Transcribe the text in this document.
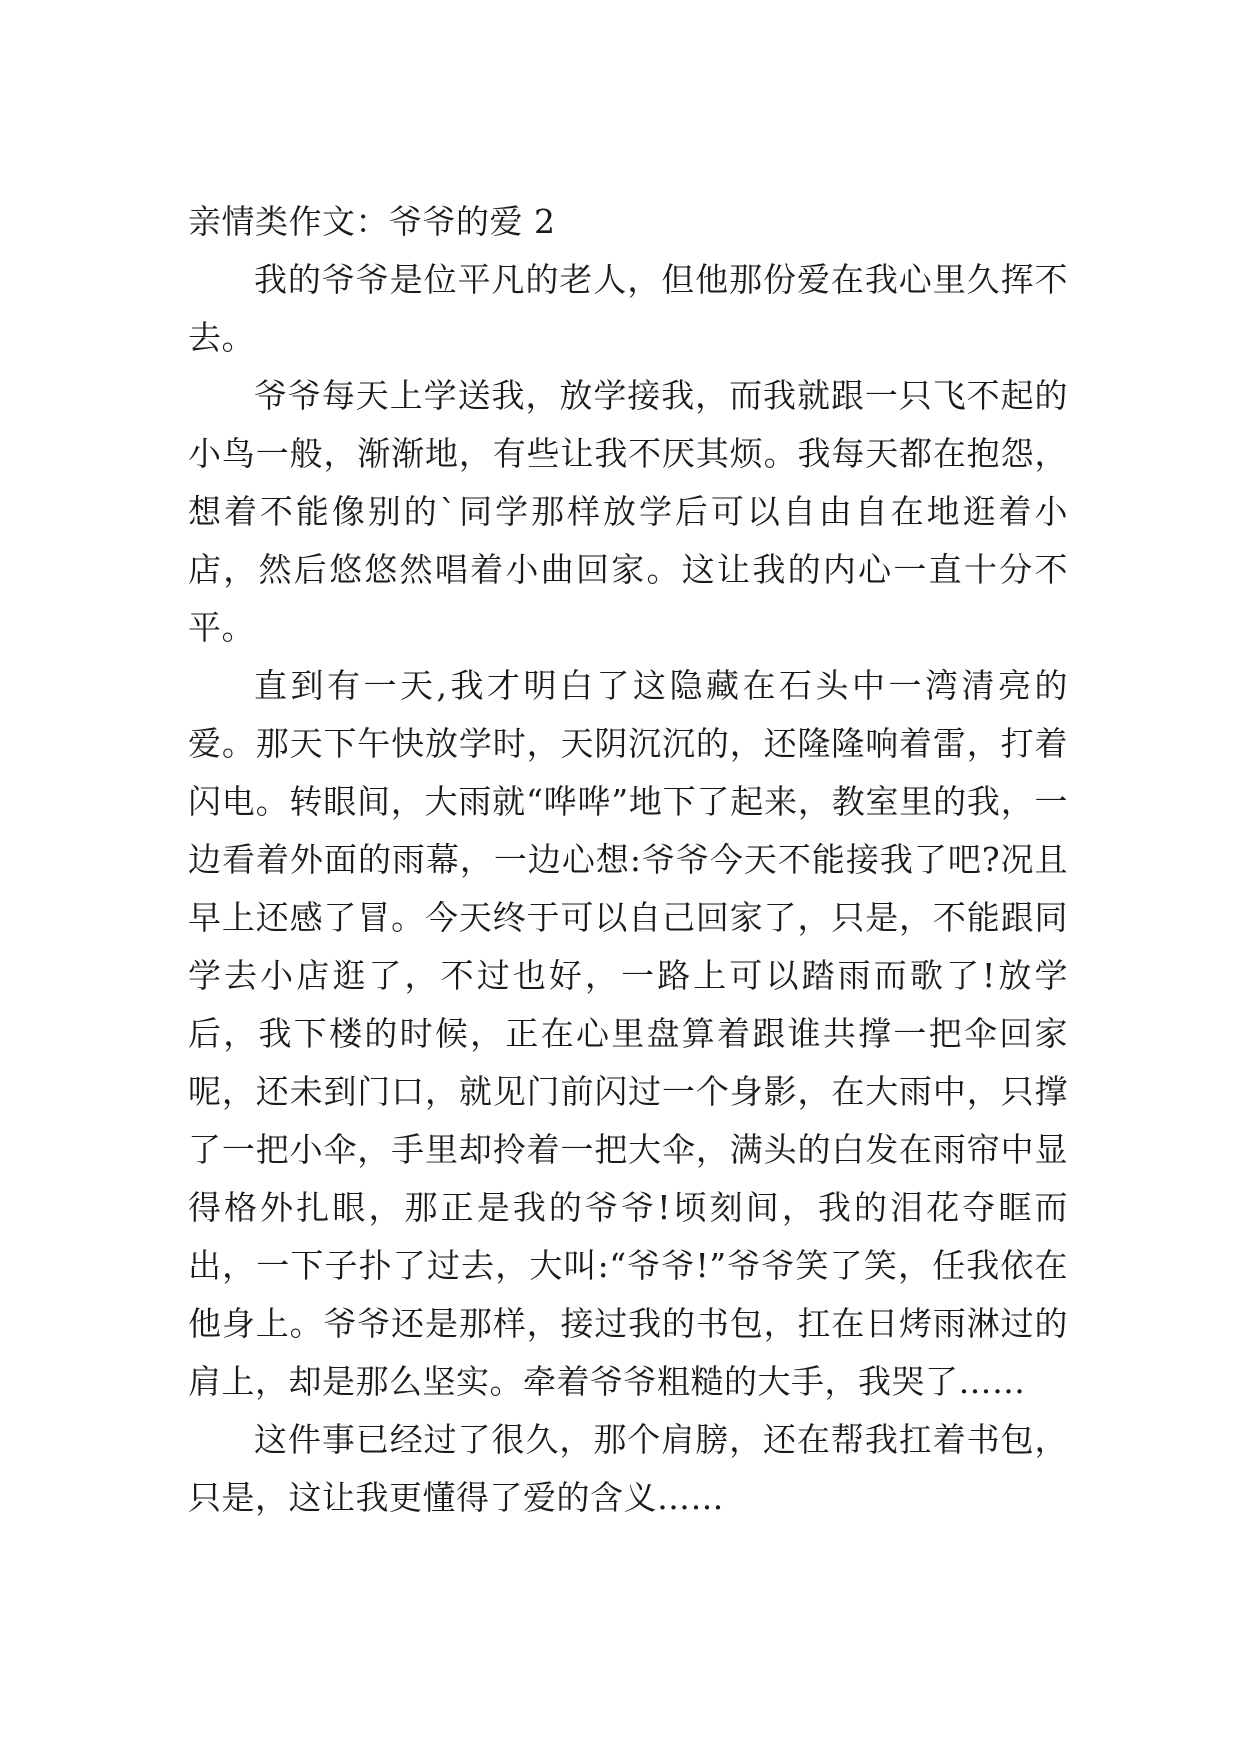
亲情类作文：爷爷的爱 2

我的爷爷是位平凡的老人，但他那份爱在我心里久挥不去。

爷爷每天上学送我，放学接我，而我就跟一只飞不起的小鸟一般，渐渐地，有些让我不厌其烦。我每天都在抱怨，想着不能像别的`同学那样放学后可以自由自在地逛着小店，然后悠悠然唱着小曲回家。这让我的内心一直十分不平。

直到有一天,我才明白了这隐藏在石头中一湾清亮的爱。那天下午快放学时，天阴沉沉的，还隆隆响着雷，打着闪电。转眼间，大雨就“哗哗”地下了起来，教室里的我，一边看着外面的雨幕，一边心想:爷爷今天不能接我了吧?况且早上还感了冒。今天终于可以自己回家了，只是，不能跟同学去小店逛了，不过也好，一路上可以踏雨而歌了!放学后，我下楼的时候，正在心里盘算着跟谁共撑一把伞回家呢，还未到门口，就见门前闪过一个身影，在大雨中，只撑了一把小伞，手里却拎着一把大伞，满头的白发在雨帘中显得格外扎眼，那正是我的爷爷!顷刻间，我的泪花夺眶而出，一下子扑了过去，大叫:“爷爷!”爷爷笑了笑，任我依在他身上。爷爷还是那样，接过我的书包，扛在日烤雨淋过的肩上，却是那么坚实。牵着爷爷粗糙的大手，我哭了……

这件事已经过了很久，那个肩膀，还在帮我扛着书包，只是，这让我更懂得了爱的含义……
